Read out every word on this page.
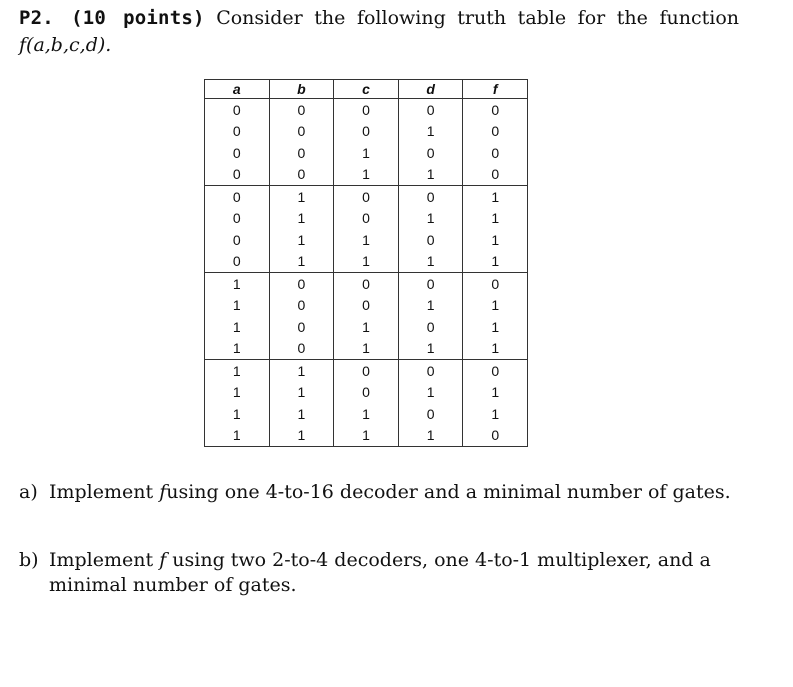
P2. (10 points) Consider the following truth table for the function
f(a,b,c,d).
a	b	c	d	f
0	0	0	0	0
0	0	0	1	0
0	0	1	0	0
0	0	1	1	0
0	1	0	0	1
0	1	0	1	1
0	1	1	0	1
0	1	1	1	1
1	0	0	0	0
1	0	0	1	1
1	0	1	0	1
1	0	1	1	1
1	1	0	0	0
1	1	0	1	1
1	1	1	0	1
1	1	1	1	0
a) Implement fusing one 4-to-16 decoder and a minimal number of gates.
b) Implement f using two 2-to-4 decoders, one 4-to-1 multiplexer, and a
minimal number of gates.
